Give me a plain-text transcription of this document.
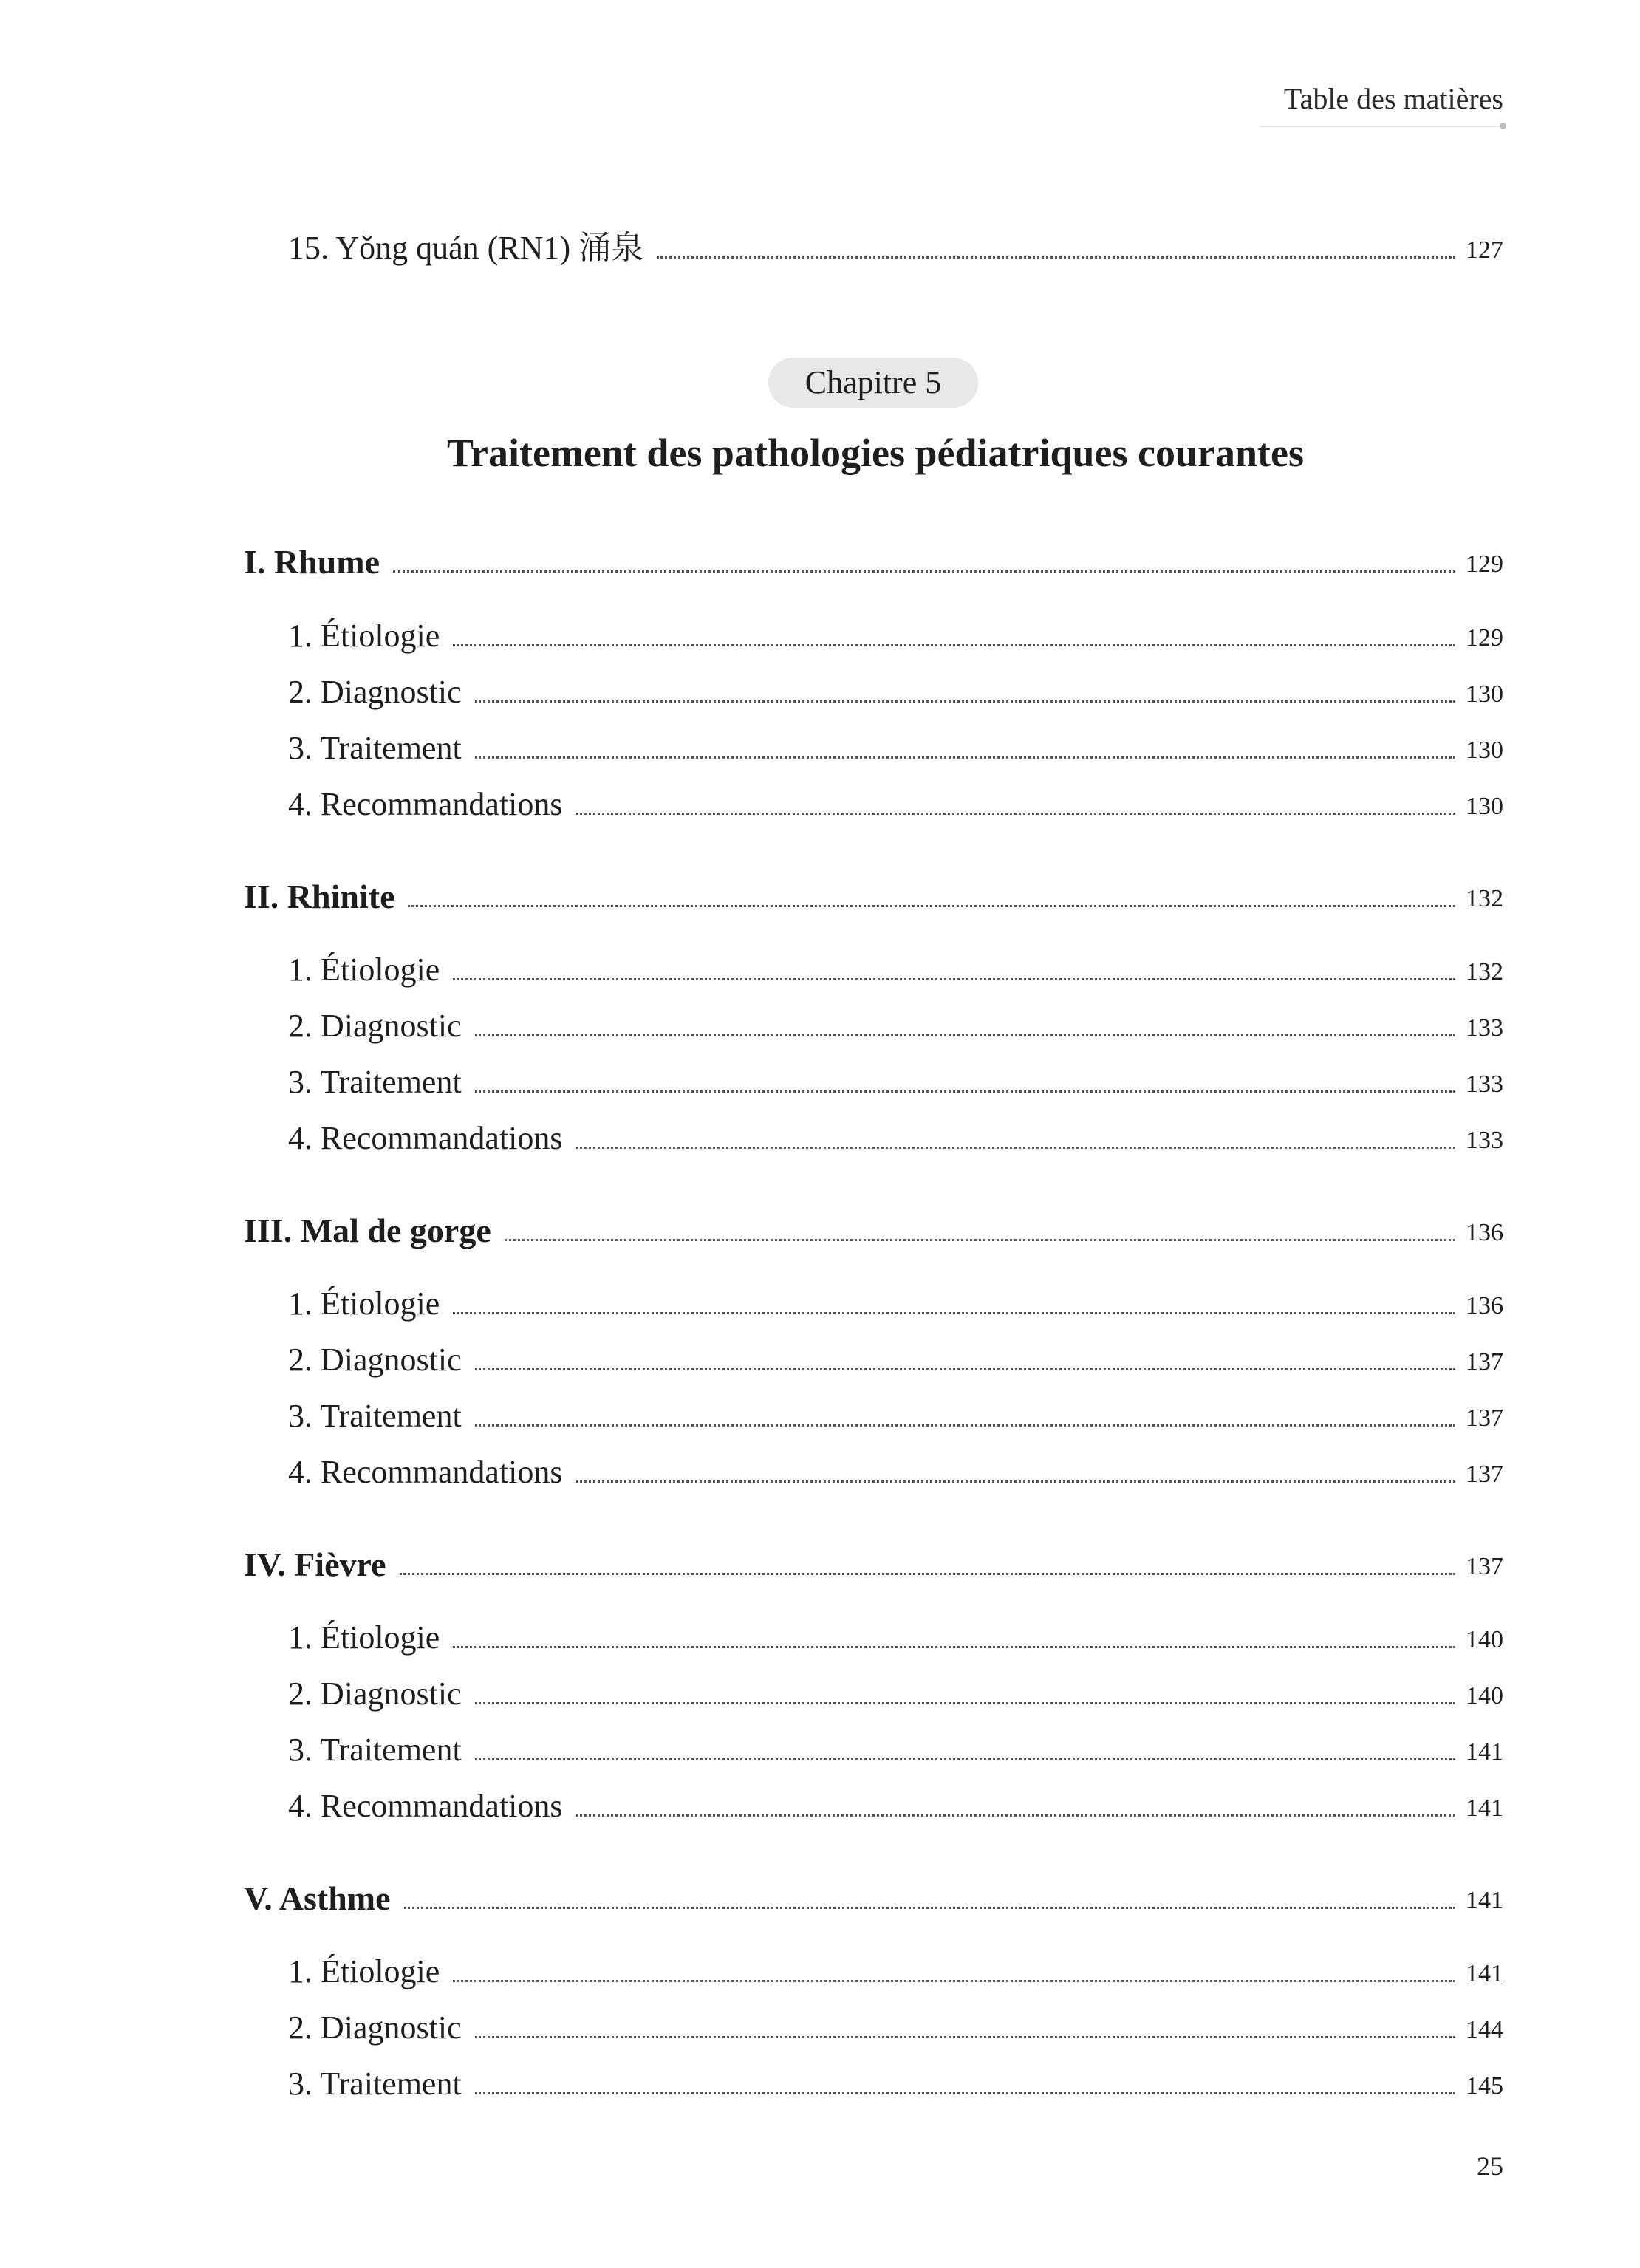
Table des matières
15. Yǒng quán (RN1) 涌泉	127
Chapitre 5
Traitement des pathologies pédiatriques courantes
I. Rhume	129
1. Étiologie	129
2. Diagnostic	130
3. Traitement	130
4. Recommandations	130
II. Rhinite	132
1. Étiologie	132
2. Diagnostic	133
3. Traitement	133
4. Recommandations	133
III. Mal de gorge	136
1. Étiologie	136
2. Diagnostic	137
3. Traitement	137
4. Recommandations	137
IV. Fièvre	137
1. Étiologie	140
2. Diagnostic	140
3. Traitement	141
4. Recommandations	141
V. Asthme	141
1. Étiologie	141
2. Diagnostic	144
3. Traitement	145
25
